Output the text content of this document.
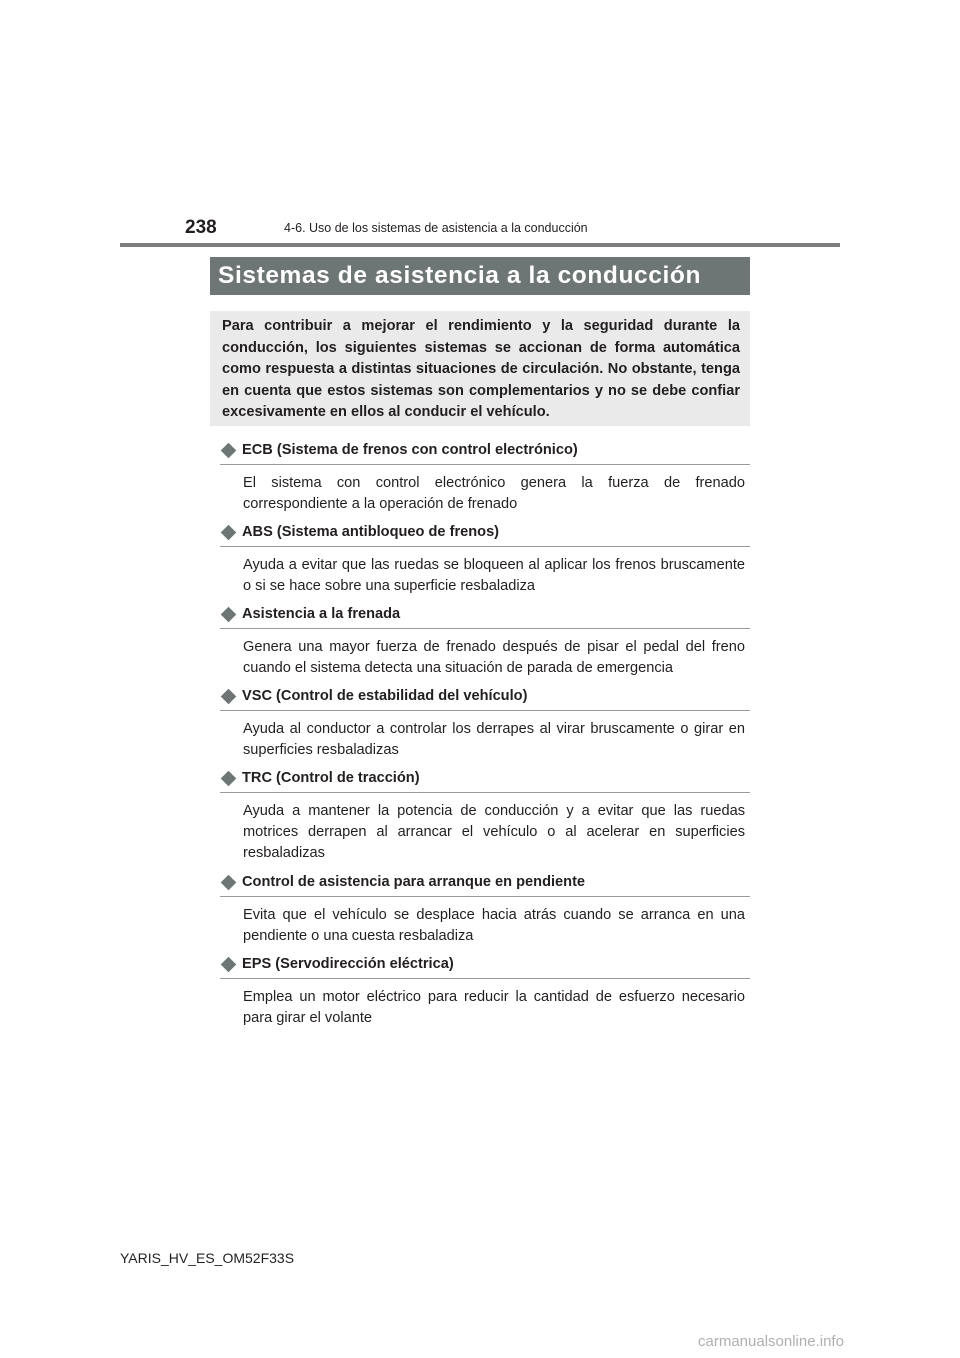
238	4-6. Uso de los sistemas de asistencia a la conducción
Sistemas de asistencia a la conducción

Para contribuir a mejorar el rendimiento y la seguridad durante la conducción, los siguientes sistemas se accionan de forma automática como respuesta a distintas situaciones de circulación. No obstante, tenga en cuenta que estos sistemas son complementarios y no se debe confiar excesivamente en ellos al conducir el vehículo.

ECB (Sistema de frenos con control electrónico)
El sistema con control electrónico genera la fuerza de frenado correspondiente a la operación de frenado
ABS (Sistema antibloqueo de frenos)
Ayuda a evitar que las ruedas se bloqueen al aplicar los frenos bruscamente o si se hace sobre una superficie resbaladiza
Asistencia a la frenada
Genera una mayor fuerza de frenado después de pisar el pedal del freno cuando el sistema detecta una situación de parada de emergencia
VSC (Control de estabilidad del vehículo)
Ayuda al conductor a controlar los derrapes al virar bruscamente o girar en superficies resbaladizas
TRC (Control de tracción)
Ayuda a mantener la potencia de conducción y a evitar que las ruedas motrices derrapen al arrancar el vehículo o al acelerar en superficies resbaladizas
Control de asistencia para arranque en pendiente
Evita que el vehículo se desplace hacia atrás cuando se arranca en una pendiente o una cuesta resbaladiza
EPS (Servodirección eléctrica)
Emplea un motor eléctrico para reducir la cantidad de esfuerzo necesario para girar el volante
YARIS_HV_ES_OM52F33S
carmanualsonline.info
